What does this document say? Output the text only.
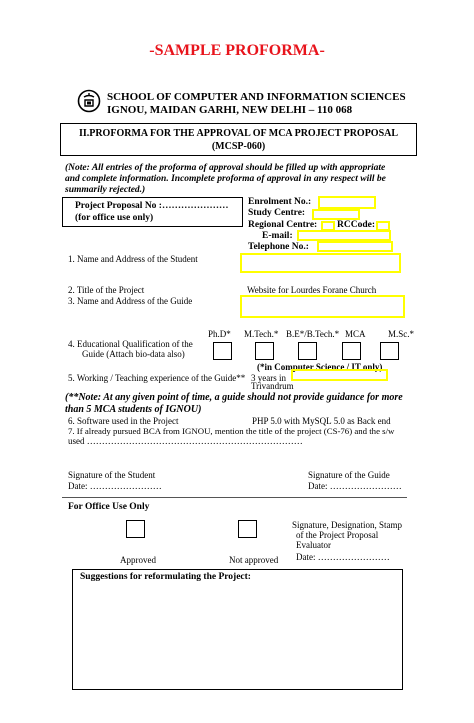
-SAMPLE PROFORMA-
SCHOOL OF COMPUTER AND INFORMATION SCIENCES
IGNOU, MAIDAN GARHI, NEW DELHI – 110 068
II.PROFORMA FOR THE APPROVAL OF MCA PROJECT PROPOSAL
(MCSP-060)
(Note: All entries of the proforma of approval should be filled up with appropriate
and complete information. Incomplete proforma of approval in any respect will be
summarily rejected.)
Project Proposal No :…………………
(for office use only)
Enrolment No.:
Study Centre:
Regional Centre: RCCode:
E-mail:
Telephone No.:
1. Name and Address of the Student
2. Title of the Project	Website for Lourdes Forane Church
3. Name and Address of the Guide
Ph.D* M.Tech.* B.E*/B.Tech.* MCA M.Sc.*
4. Educational Qualification of the
Guide (Attach bio-data also)
(*in Computer Science / IT only)
5. Working / Teaching experience of the Guide** 3 years in
Trivandrum
(**Note: At any given point of time, a guide should not provide guidance for more
than 5 MCA students of IGNOU)
6. Software used in the Project	PHP 5.0 with MySQL 5.0 as Back end
7. If already pursued BCA from IGNOU, mention the title of the project (CS-76) and the s/w
used ………………………………………………………………
Signature of the Student
Date: ……………………
Signature of the Guide
Date: ……………………
For Office Use Only
Approved	Not approved
Signature, Designation, Stamp
of the Project Proposal
Evaluator
Date: ……………………
Suggestions for reformulating the Project:
